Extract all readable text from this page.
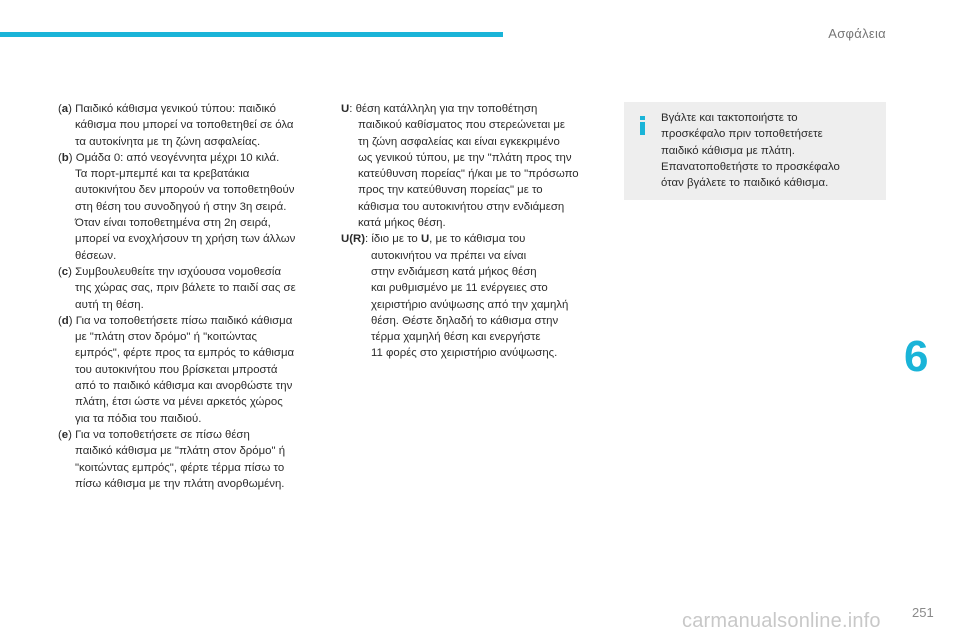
Ασφάλεια
(a) Παιδικό κάθισμα γενικού τύπου: παιδικό
κάθισμα που μπορεί να τοποθετηθεί σε όλα
τα αυτοκίνητα με τη ζώνη ασφαλείας.
(b) Ομάδα 0: από νεογέννητα μέχρι 10 κιλά.
Τα πορτ-μπεμπέ και τα κρεβατάκια
αυτοκινήτου δεν μπορούν να τοποθετηθούν
στη θέση του συνοδηγού ή στην 3η σειρά.
Όταν είναι τοποθετημένα στη 2η σειρά,
μπορεί να ενοχλήσουν τη χρήση των άλλων
θέσεων.
(c) Συμβουλευθείτε την ισχύουσα νομοθεσία
της χώρας σας, πριν βάλετε το παιδί σας σε
αυτή τη θέση.
(d) Για να τοποθετήσετε πίσω παιδικό κάθισμα
με "πλάτη στον δρόμο" ή "κοιτώντας
εμπρός", φέρτε προς τα εμπρός το κάθισμα
του αυτοκινήτου που βρίσκεται μπροστά
από το παιδικό κάθισμα και ανορθώστε την
πλάτη, έτσι ώστε να μένει αρκετός χώρος
για τα πόδια του παιδιού.
(e) Για να τοποθετήσετε σε πίσω θέση
παιδικό κάθισμα με "πλάτη στον δρόμο" ή
"κοιτώντας εμπρός", φέρτε τέρμα πίσω το
πίσω κάθισμα με την πλάτη ανορθωμένη.
U: θέση κατάλληλη για την τοποθέτηση
παιδικού καθίσματος που στερεώνεται με
τη ζώνη ασφαλείας και είναι εγκεκριμένο
ως γενικού τύπου, με την "πλάτη προς την
κατεύθυνση πορείας" ή/και με το "πρόσωπο
προς την κατεύθυνση πορείας" με το
κάθισμα του αυτοκινήτου στην ενδιάμεση
κατά μήκος θέση.
U(R): ίδιο με το U, με το κάθισμα του
αυτοκινήτου να πρέπει να είναι
στην ενδιάμεση κατά μήκος θέση
και ρυθμισμένο με 11 ενέργειες στο
χειριστήριο ανύψωσης από την χαμηλή
θέση. Θέστε δηλαδή το κάθισμα στην
τέρμα χαμηλή θέση και ενεργήστε
11 φορές στο χειριστήριο ανύψωσης.
Βγάλτε και τακτοποιήστε το
προσκέφαλο πριν τοποθετήσετε
παιδικό κάθισμα με πλάτη.
Επανατοποθετήστε το προσκέφαλο
όταν βγάλετε το παιδικό κάθισμα.
6
carmanualsonline.info 251
